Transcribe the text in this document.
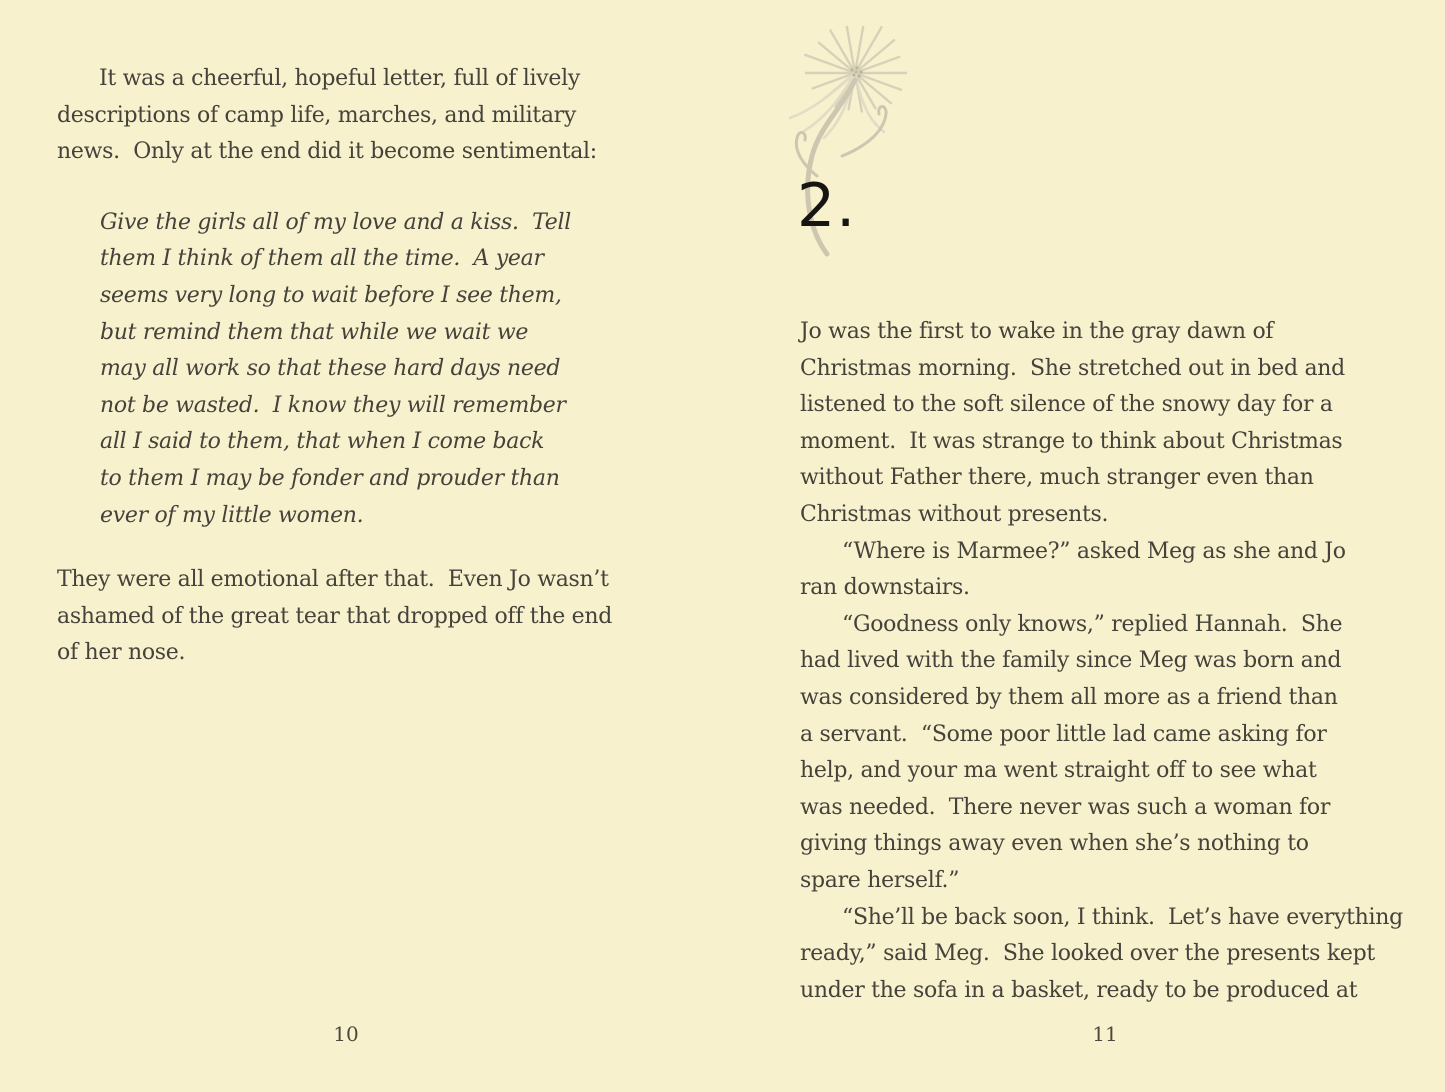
It was a cheerful, hopeful letter, full of lively
descriptions of camp life, marches, and military
news.  Only at the end did it become sentimental:
Give the girls all of my love and a kiss.  Tell
them I think of them all the time.  A year
seems very long to wait before I see them,
but remind them that while we wait we
may all work so that these hard days need
not be wasted.  I know they will remember
all I said to them, that when I come back
to them I may be fonder and prouder than
ever of my little women.
They were all emotional after that.  Even Jo wasn’t
ashamed of the great tear that dropped off the end
of her nose.
10
2.
Jo was the first to wake in the gray dawn of
Christmas morning.  She stretched out in bed and
listened to the soft silence of the snowy day for a
moment.  It was strange to think about Christmas
without Father there, much stranger even than
Christmas without presents.
“Where is Marmee?” asked Meg as she and Jo
ran downstairs.
“Goodness only knows,” replied Hannah.  She
had lived with the family since Meg was born and
was considered by them all more as a friend than
a servant.  “Some poor little lad came asking for
help, and your ma went straight off to see what
was needed.  There never was such a woman for
giving things away even when she’s nothing to
spare herself.”
“She’ll be back soon, I think.  Let’s have everything
ready,” said Meg.  She looked over the presents kept
under the sofa in a basket, ready to be produced at
11
